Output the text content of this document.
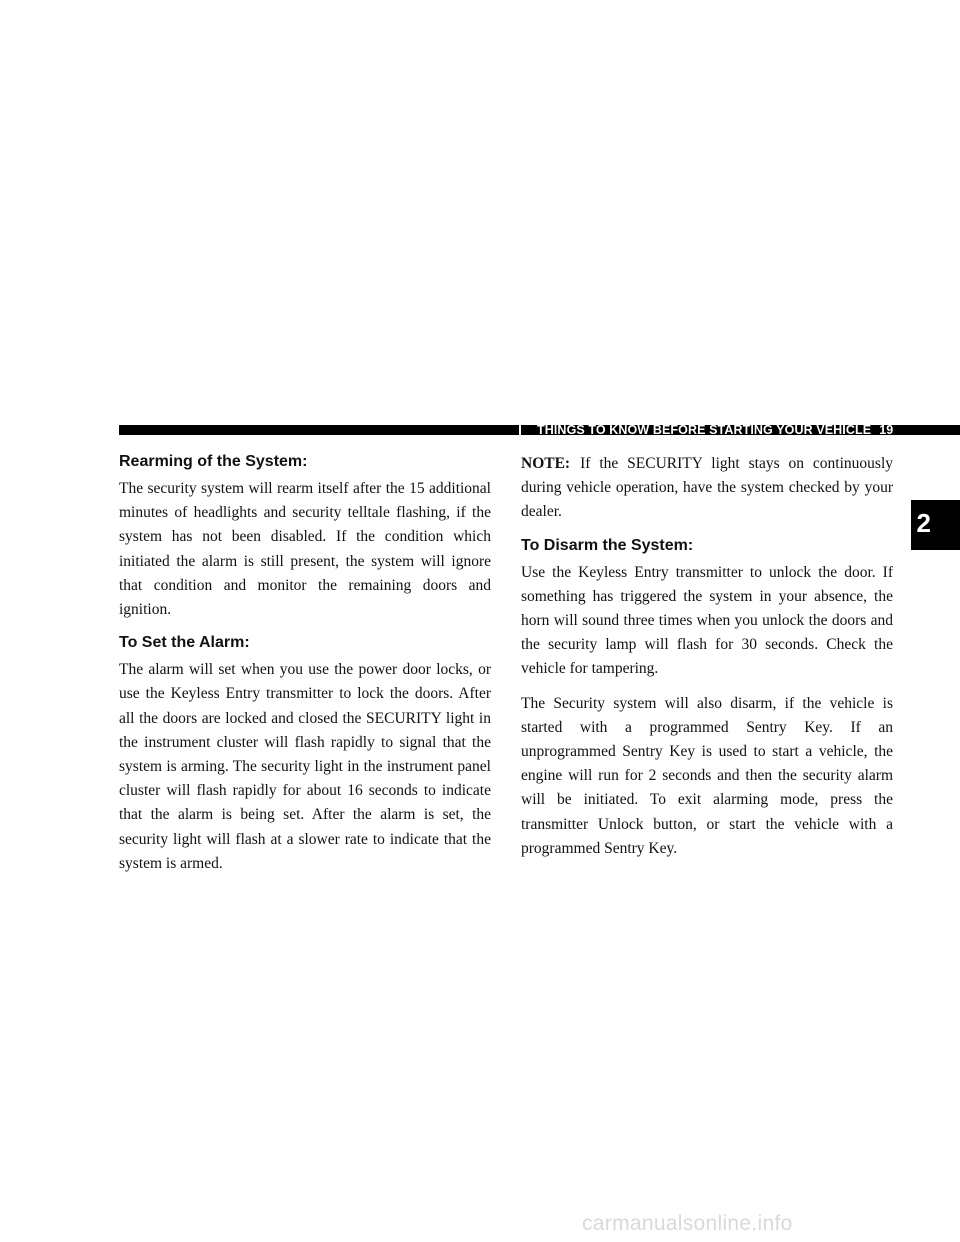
THINGS TO KNOW BEFORE STARTING YOUR VEHICLE 19
Rearming of the System:

The security system will rearm itself after the 15 additional minutes of headlights and security telltale flashing, if the system has not been disabled. If the condition which initiated the alarm is still present, the system will ignore that condition and monitor the remaining doors and ignition.

To Set the Alarm:

The alarm will set when you use the power door locks, or use the Keyless Entry transmitter to lock the doors. After all the doors are locked and closed the SECURITY light in the instrument cluster will flash rapidly to signal that the system is arming. The security light in the instrument panel cluster will flash rapidly for about 16 seconds to indicate that the alarm is being set. After the alarm is set, the security light will flash at a slower rate to indicate that the system is armed.

NOTE: If the SECURITY light stays on continuously during vehicle operation, have the system checked by your dealer.

To Disarm the System:

Use the Keyless Entry transmitter to unlock the door. If something has triggered the system in your absence, the horn will sound three times when you unlock the doors and the security lamp will flash for 30 seconds. Check the vehicle for tampering.

The Security system will also disarm, if the vehicle is started with a programmed Sentry Key. If an unprogrammed Sentry Key is used to start a vehicle, the engine will run for 2 seconds and then the security alarm will be initiated. To exit alarming mode, press the transmitter Unlock button, or start the vehicle with a programmed Sentry Key.

2
carmanualsonline.info
